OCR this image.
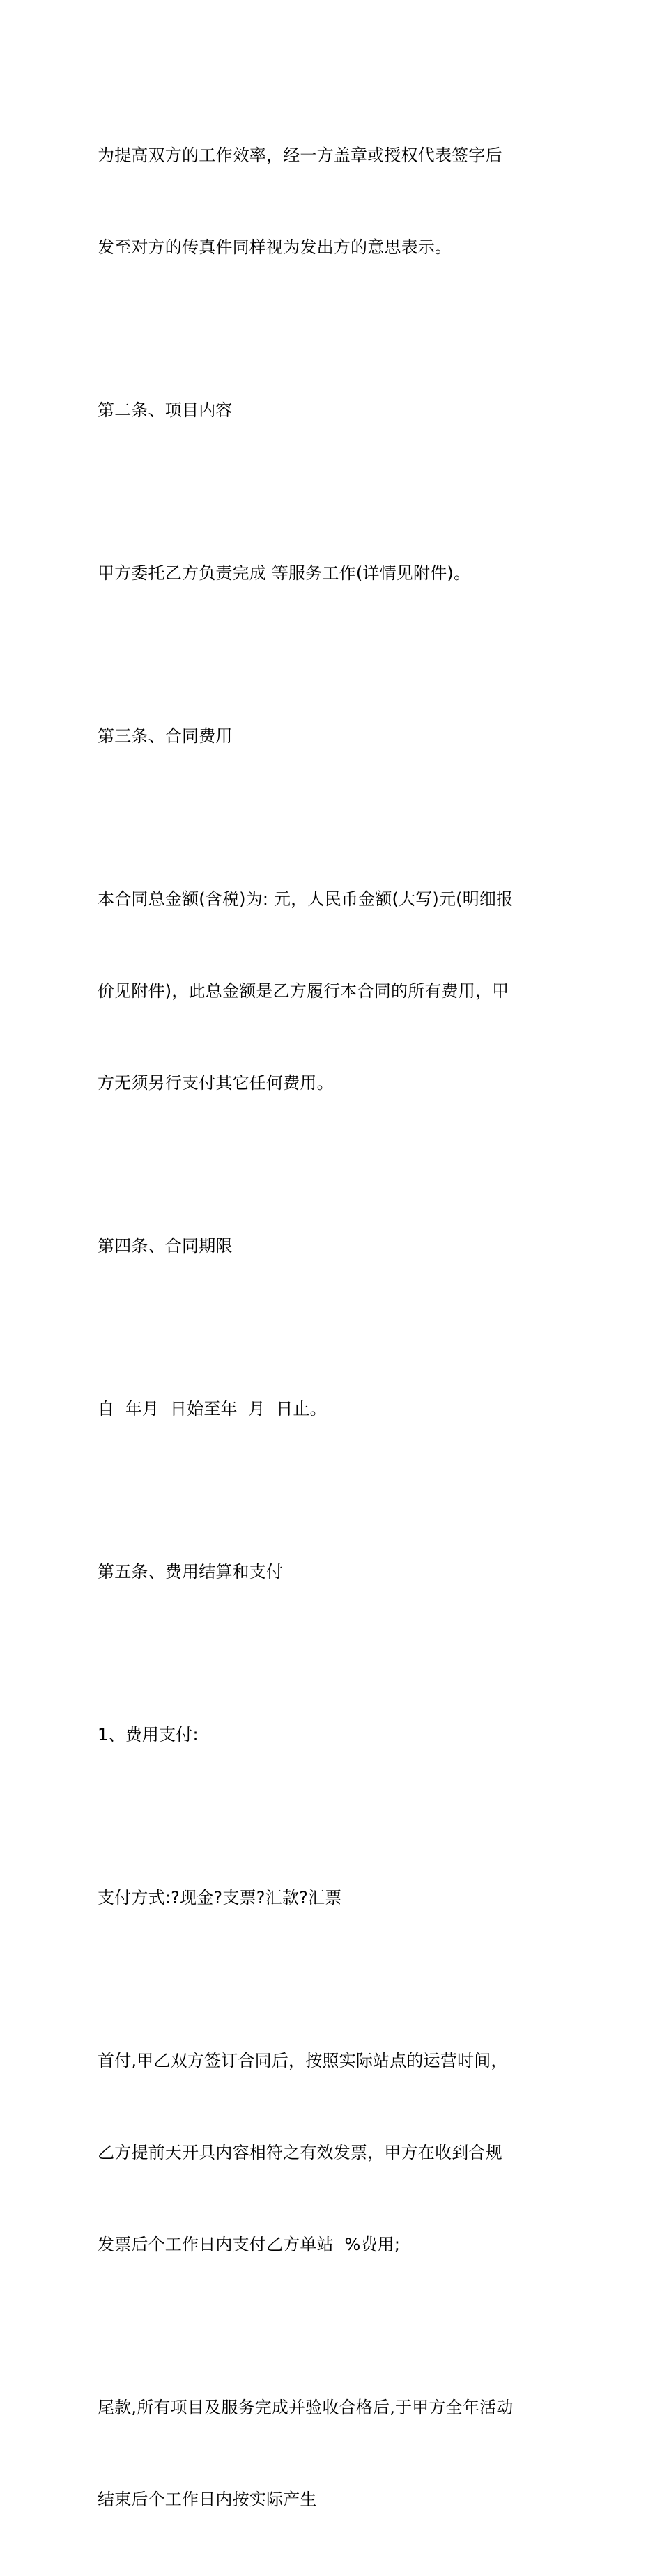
为提高双方的工作效率，经一方盖章或授权代表签字后

发至对方的传真件同样视为发出方的意思表示。

第二条、项目内容

甲方委托乙方负责完成 等服务工作(详情见附件)。

第三条、合同费用

本合同总金额(含税)为: 元，人民币金额(大写)元(明细报

价见附件)，此总金额是乙方履行本合同的所有费用，甲

方无须另行支付其它任何费用。

第四条、合同期限

自  年月  日始至年  月  日止。

第五条、费用结算和支付

1、费用支付:

支付方式:?现金?支票?汇款?汇票

首付,甲乙双方签订合同后，按照实际站点的运营时间，

乙方提前天开具内容相符之有效发票，甲方在收到合规

发票后个工作日内支付乙方单站  %费用;

尾款,所有项目及服务完成并验收合格后,于甲方全年活动

结束后个工作日内按实际产生
